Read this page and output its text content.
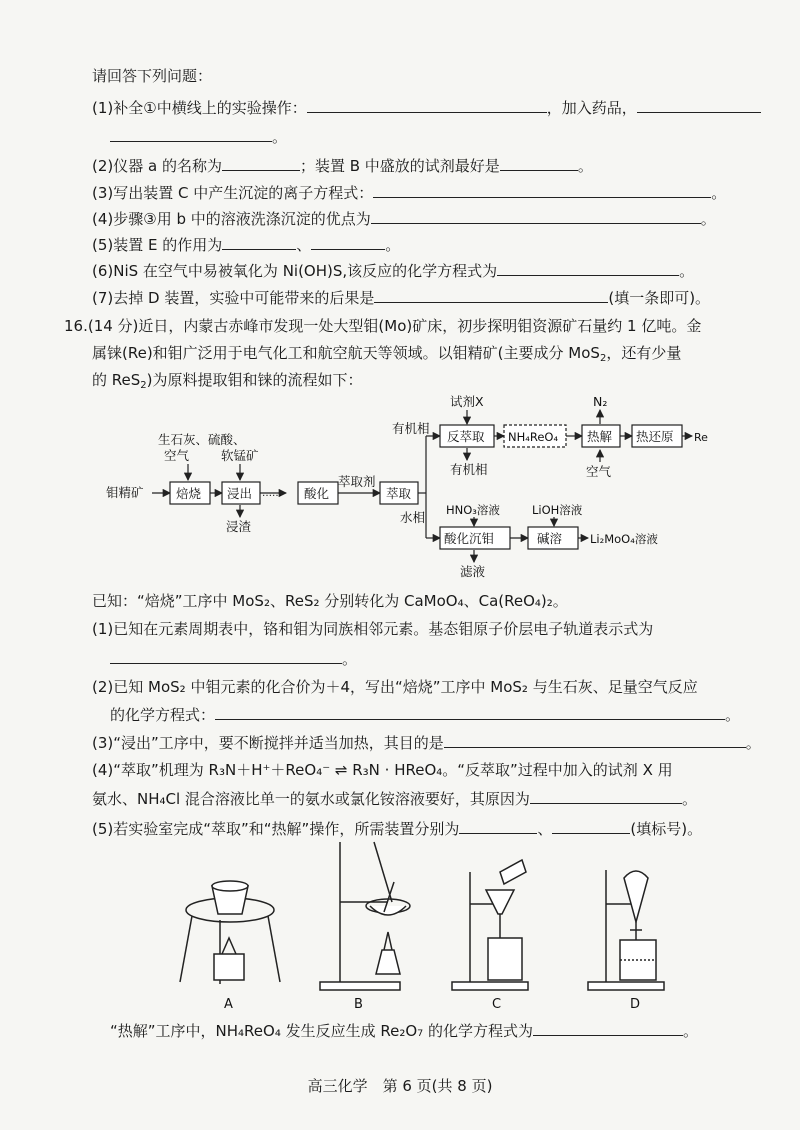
请回答下列问题：
(1)补全①中横线上的实验操作：	，加入药品，
。
(2)仪器 a 的名称为	；装置 B 中盛放的试剂最好是	。
(3)写出装置 C 中产生沉淀的离子方程式：	。
(4)步骤③用 b 中的溶液洗涤沉淀的优点为	。
(5)装置 E 的作用为	、	。
(6)NiS 在空气中易被氧化为 Ni(OH)S,该反应的化学方程式为	。
(7)去掉 D 装置，实验中可能带来的后果是	(填一条即可)。
16.(14 分)近日，内蒙古赤峰市发现一处大型钼(Mo)矿床，初步探明钼资源矿石量约 1 亿吨。金
属铼(Re)和钼广泛用于电气化工和航空航天等领域。以钼精矿(主要成分 MoS$_2$，还有少量
的 ReS$_2$)为原料提取钼和铼的流程如下：
钼精矿
生石灰、硫酸、
空气	软锰矿
焙烧 浸出
浸渣
…… 酸化
萃取剂
萃取
有机相
水相
试剂X
反萃取
有机相
NH₄ReO₄
N₂
热解
空气
热还原 Re
HNO₃溶液	LiOH溶液
酸化沉钼	碱溶 Li₂MoO₄溶液
滤液
已知：“焙烧”工序中 MoS₂、ReS₂ 分别转化为 CaMoO₄、Ca(ReO₄)₂。
(1)已知在元素周期表中，铬和钼为同族相邻元素。基态钼原子价层电子轨道表示式为
。
(2)已知 MoS₂ 中钼元素的化合价为＋4，写出“焙烧”工序中 MoS₂ 与生石灰、足量空气反应
的化学方程式：	。
(3)“浸出”工序中，要不断搅拌并适当加热，其目的是	。
(4)“萃取”机理为 R₃N＋H⁺＋ReO₄⁻ ⇌ R₃N · HReO₄。“反萃取”过程中加入的试剂 X 用
氨水、NH₄Cl 混合溶液比单一的氨水或氯化铵溶液要好，其原因为	。
(5)若实验室完成“萃取”和“热解”操作，所需装置分别为	、	(填标号)。
A	B	C	D
“热解”工序中，NH₄ReO₄ 发生反应生成 Re₂O₇ 的化学方程式为	。
高三化学　第 6 页(共 8 页)
